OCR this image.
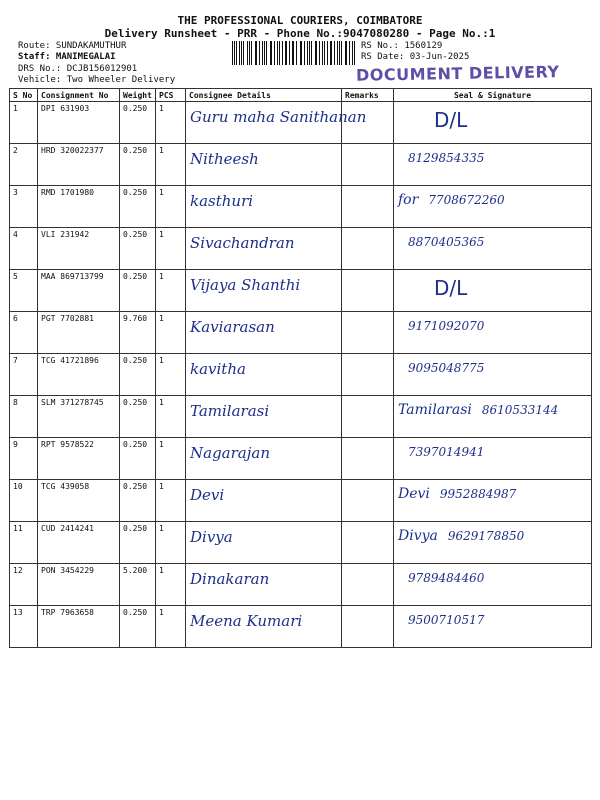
THE PROFESSIONAL COURIERS, COIMBATORE
Delivery Runsheet - PRR - Phone No.:9047080280 - Page No.:1
Route: SUNDAKAMUTHUR
Staff: MANIMEGALAI
DRS No.: DCJB156012901
Vehicle: Two Wheeler Delivery
RS No.: 1560129
RS Date: 03-Jun-2025
DOCUMENT DELIVERY
S No	Consignment No	Weight	PCS	Consignee Details	Remarks	Seal & Signature
1	DPI 631903	0.250	1	Guru maha Sanithanan		D/L

2	HRD 320022377	0.250	1	Nitheesh		8129854335

3	RMD 1701980	0.250	1	kasthuri		for 7708672260

4	VLI 231942	0.250	1	Sivachandran		8870405365

5	MAA 869713799	0.250	1	Vijaya Shanthi		D/L

6	PGT 7702881	9.760	1	Kaviarasan		9171092070

7	TCG 41721896	0.250	1	kavitha		9095048775

8	SLM 371278745	0.250	1	Tamilarasi		Tamilarasi 8610533144

9	RPT 9578522	0.250	1	Nagarajan		7397014941

10	TCG 439058	0.250	1	Devi		Devi 9952884987

11	CUD 2414241	0.250	1	Divya		Divya 9629178850

12	PON 3454229	5.200	1	Dinakaran		9789484460

13	TRP 7963658	0.250	1	Meena Kumari		9500710517
